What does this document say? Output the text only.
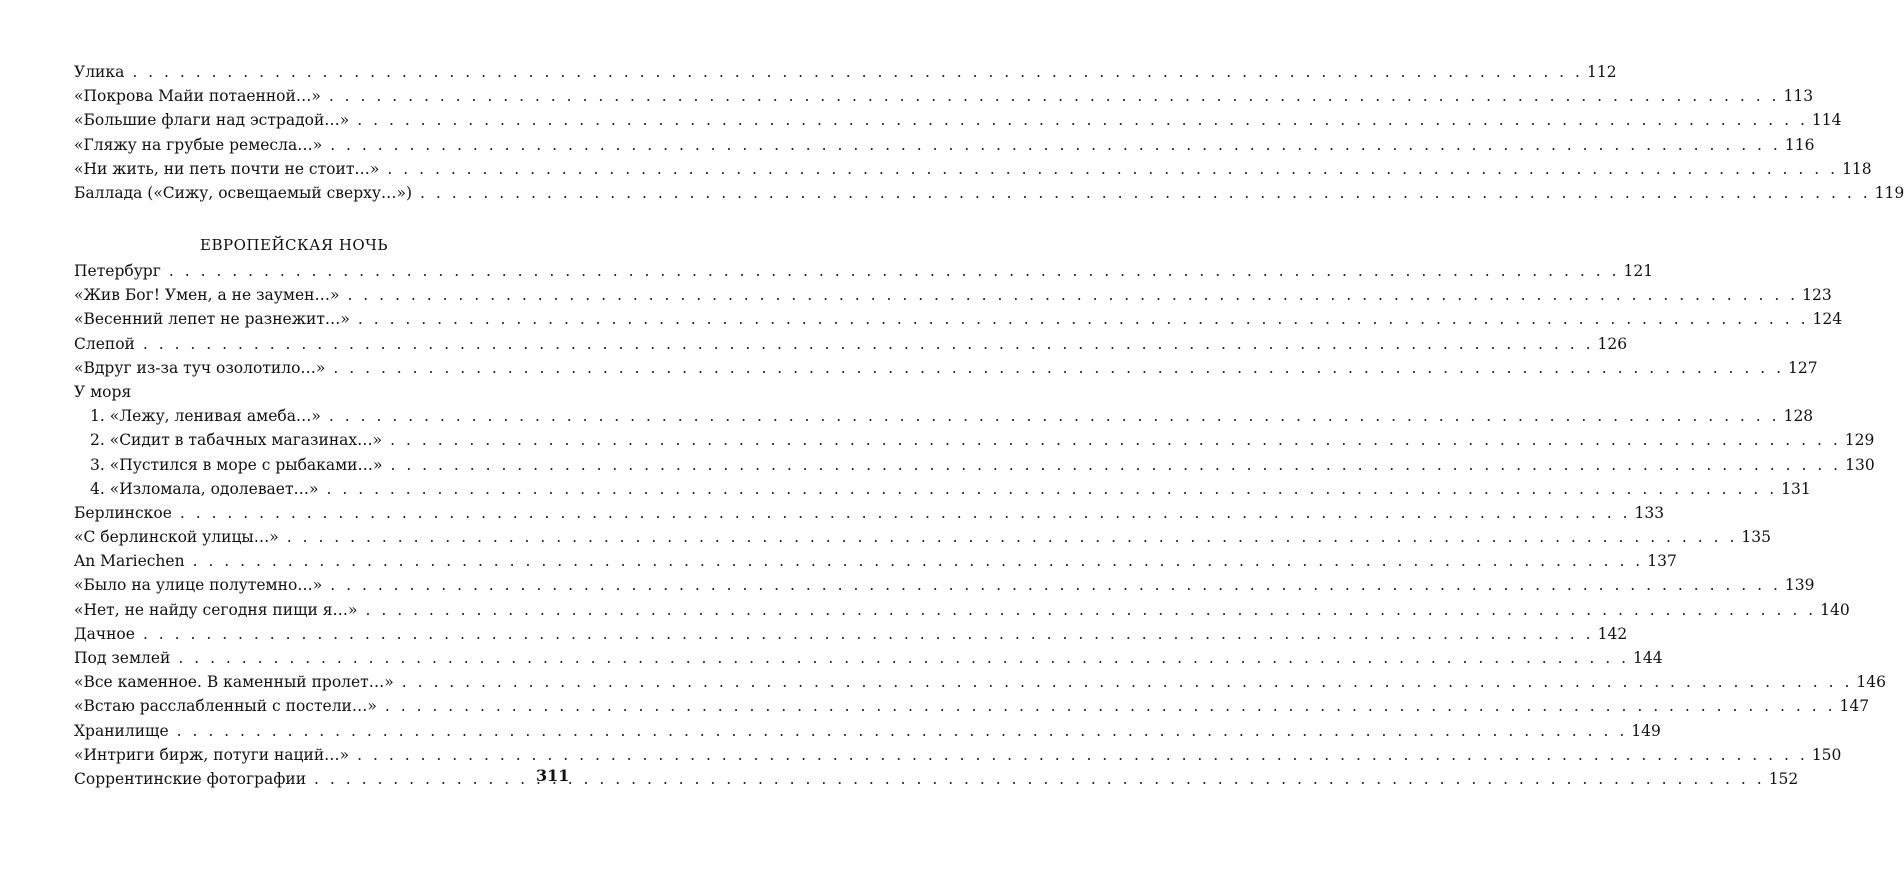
Улика . . .	112
«Покрова Майи потаенной…» . . .	113
«Большие флаги над эстрадой…» . . .	114
«Гляжу на грубые ремесла…» . . .	116
«Ни жить, ни петь почти не стоит…» . . .	118
Баллада («Сижу, освещаемый сверху…») . . .	119
ЕВРОПЕЙСКАЯ НОЧЬ
Петербург . . .	121
«Жив Бог! Умен, а не заумен…» . . .	123
«Весенний лепет не разнежит…» . . .	124
Слепой . . .	126
«Вдруг из-за туч озолотило…» . . .	127
У моря
1. «Лежу, ленивая амеба…» . . .	128
2. «Сидит в табачных магазинах…» . . .	129
3. «Пустился в море с рыбаками…» . . .	130
4. «Изломала, одолевает…» . . .	131
Берлинское . . .	133
«С берлинской улицы…» . . .	135
An Mariechen . . .	137
«Было на улице полутемно…» . . .	139
«Нет, не найду сегодня пищи я…» . . .	140
Дачное . . .	142
Под землей . . .	144
«Все каменное. В каменный пролет…» . . .	146
«Встаю расслабленный с постели…» . . .	147
Хранилище . . .	149
«Интриги бирж, потуги наций…» . . .	150
Соррентинские фотографии . . .	152
311
